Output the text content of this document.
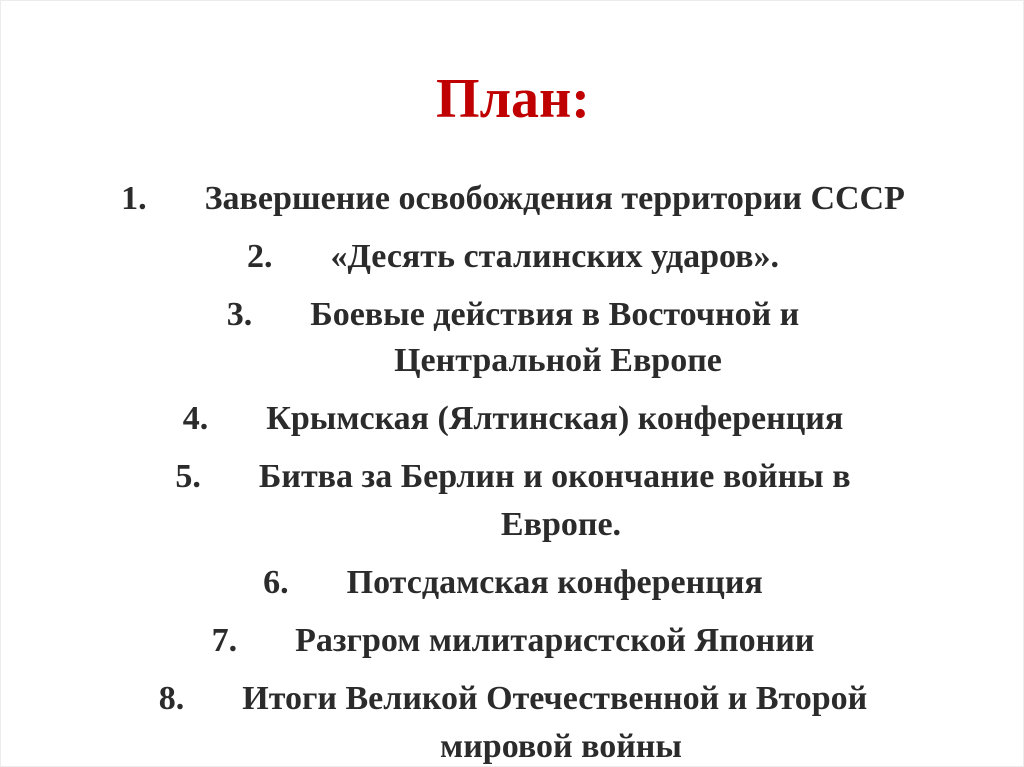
План:
1. Завершение освобождения территории СССР
2. «Десять сталинских ударов».
3. Боевые действия в Восточной и
Центральной Европе
4. Крымская (Ялтинская) конференция
5. Битва за Берлин и окончание войны в
Европе.
6. Потсдамская конференция
7. Разгром милитаристской Японии
8. Итоги Великой Отечественной и Второй
мировой войны
